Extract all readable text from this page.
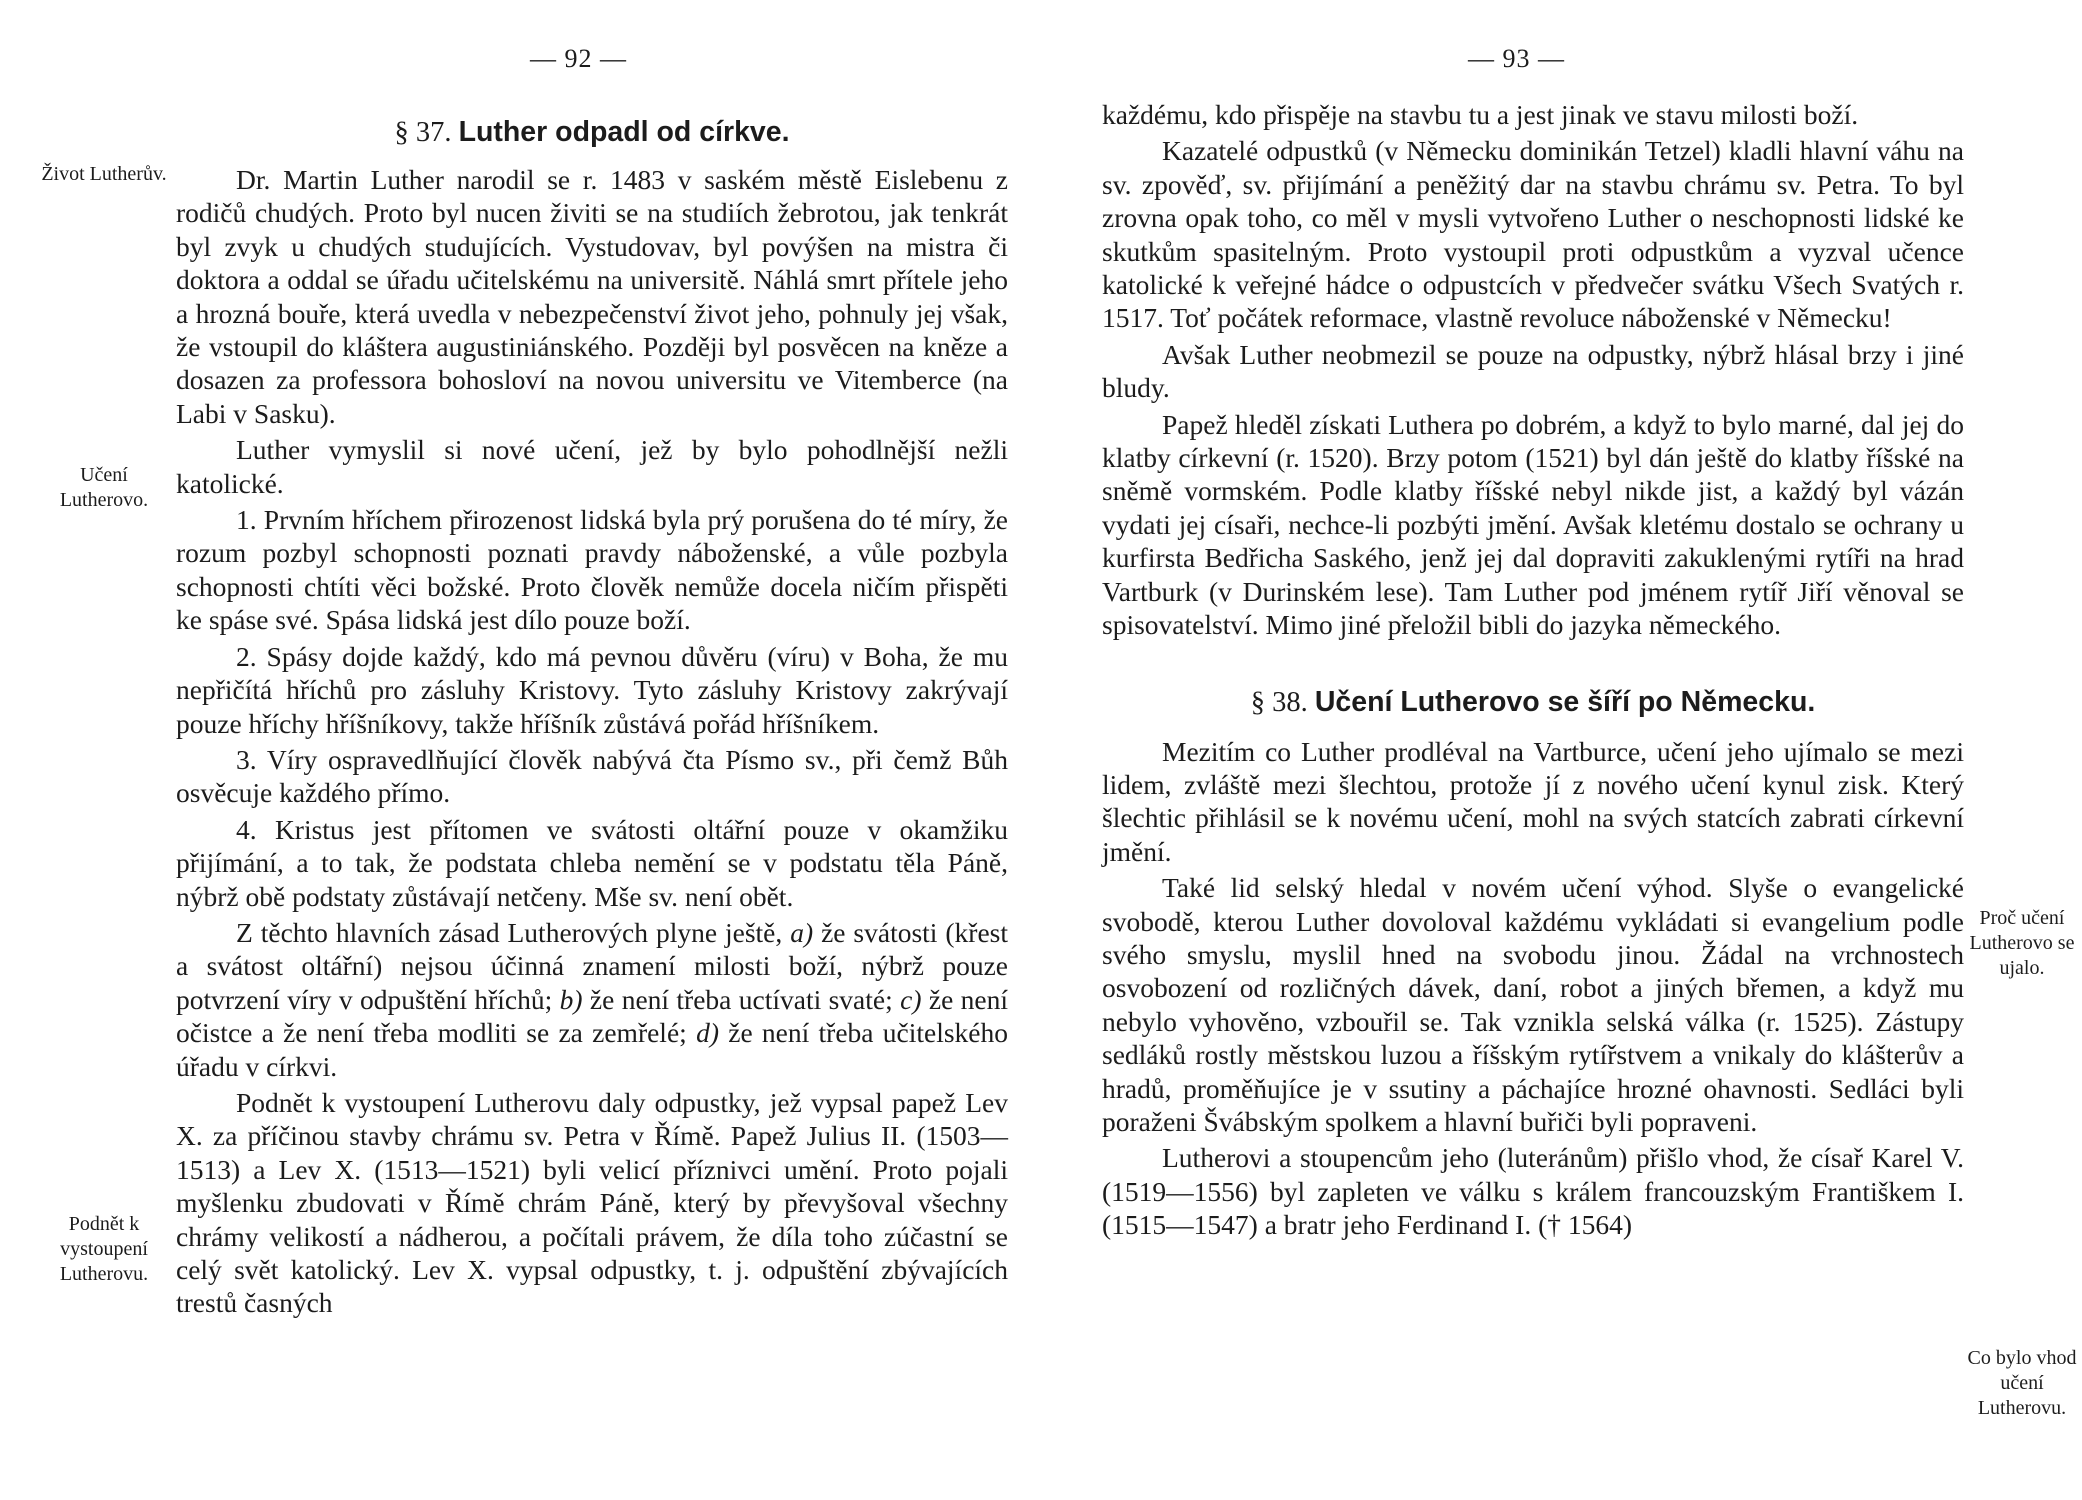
— 92 —
§ 37. Luther odpadl od církve.
Život Lutherův.
Učení Lutherovo.
Podnět k vystoupení Lutherovu.

Dr. Martin Luther narodil se r. 1483 v saském městě Eislebenu z rodičů chudých. Proto byl nucen živiti se na studiích žebrotou, jak tenkrát byl zvyk u chudých studujících. Vystudovav, byl povýšen na mistra či doktora a oddal se úřadu učitelskému na universitě. Náhlá smrt přítele jeho a hrozná bouře, která uvedla v nebezpečenství život jeho, pohnuly jej však, že vstoupil do kláštera augustiniánského. Později byl posvěcen na kněze a dosazen za professora bohosloví na novou universitu ve Vitemberce (na Labi v Sasku).

Luther vymyslil si nové učení, jež by bylo pohodlnější nežli katolické.

1. Prvním hříchem přirozenost lidská byla prý porušena do té míry, že rozum pozbyl schopnosti poznati pravdy náboženské, a vůle pozbyla schopnosti chtíti věci božské. Proto člověk nemůže docela ničím přispěti ke spáse své. Spása lidská jest dílo pouze boží.

2. Spásy dojde každý, kdo má pevnou důvěru (víru) v Boha, že mu nepřičítá hříchů pro zásluhy Kristovy. Tyto zásluhy Kristovy zakrývají pouze hříchy hříšníkovy, takže hříšník zůstává pořád hříšníkem.

3. Víry ospravedlňující člověk nabývá čta Písmo sv., při čemž Bůh osvěcuje každého přímo.

4. Kristus jest přítomen ve svátosti oltářní pouze v okamžiku přijímání, a to tak, že podstata chleba nemění se v podstatu těla Páně, nýbrž obě podstaty zůstávají netčeny. Mše sv. není obět.

Z těchto hlavních zásad Lutherových plyne ještě, a) že svátosti (křest a svátost oltářní) nejsou účinná znamení milosti boží, nýbrž pouze potvrzení víry v odpuštění hříchů; b) že není třeba uctívati svaté; c) že není očistce a že není třeba modliti se za zemřelé; d) že není třeba učitelského úřadu v církvi.

Podnět k vystoupení Lutherovu daly odpustky, jež vypsal papež Lev X. za příčinou stavby chrámu sv. Petra v Římě. Papež Julius II. (1503—1513) a Lev X. (1513—1521) byli velicí příznivci umění. Proto pojali myšlenku zbudovati v Římě chrám Páně, který by převyšoval všechny chrámy velikostí a nádherou, a počítali právem, že díla toho zúčastní se celý svět katolický. Lev X. vypsal odpustky, t. j. odpuštění zbývajících trestů časných

— 93 —
Proč učení Lutherovo se ujalo.
Co bylo vhod učení Lutherovu.

každému, kdo přispěje na stavbu tu a jest jinak ve stavu milosti boží.

Kazatelé odpustků (v Německu dominikán Tetzel) kladli hlavní váhu na sv. zpověď, sv. přijímání a peněžitý dar na stavbu chrámu sv. Petra. To byl zrovna opak toho, co měl v mysli vytvořeno Luther o neschopnosti lidské ke skutkům spasitelným. Proto vystoupil proti odpustkům a vyzval učence katolické k veřejné hádce o odpustcích v předvečer svátku Všech Svatých r. 1517. Toť počátek reformace, vlastně revoluce náboženské v Německu!

Avšak Luther neobmezil se pouze na odpustky, nýbrž hlásal brzy i jiné bludy.

Papež hleděl získati Luthera po dobrém, a když to bylo marné, dal jej do klatby církevní (r. 1520). Brzy potom (1521) byl dán ještě do klatby říšské na sněmě vormském. Podle klatby říšské nebyl nikde jist, a každý byl vázán vydati jej císaři, nechce-li pozbýti jmění. Avšak kletému dostalo se ochrany u kurfirsta Bedřicha Saského, jenž jej dal dopraviti zakuklenými rytíři na hrad Vartburk (v Durinském lese). Tam Luther pod jménem rytíř Jiří věnoval se spisovatelství. Mimo jiné přeložil bibli do jazyka německého.

§ 38. Učení Lutherovo se šíří po Německu.

Mezitím co Luther prodléval na Vartburce, učení jeho ujímalo se mezi lidem, zvláště mezi šlechtou, protože jí z nového učení kynul zisk. Který šlechtic přihlásil se k novému učení, mohl na svých statcích zabrati církevní jmění.

Také lid selský hledal v novém učení výhod. Slyše o evangelické svobodě, kterou Luther dovoloval každému vykládati si evangelium podle svého smyslu, myslil hned na svobodu jinou. Žádal na vrchnostech osvobození od rozličných dávek, daní, robot a jiných břemen, a když mu nebylo vyhověno, vzbouřil se. Tak vznikla selská válka (r. 1525). Zástupy sedláků rostly městskou luzou a říšským rytířstvem a vnikaly do klášterův a hradů, proměňujíce je v ssutiny a páchajíce hrozné ohavnosti. Sedláci byli poraženi Švábským spolkem a hlavní buřiči byli popraveni.

Lutherovi a stoupencům jeho (luteránům) přišlo vhod, že císař Karel V. (1519—1556) byl zapleten ve válku s králem francouzským Františkem I. (1515—1547) a bratr jeho Ferdinand I. († 1564)
